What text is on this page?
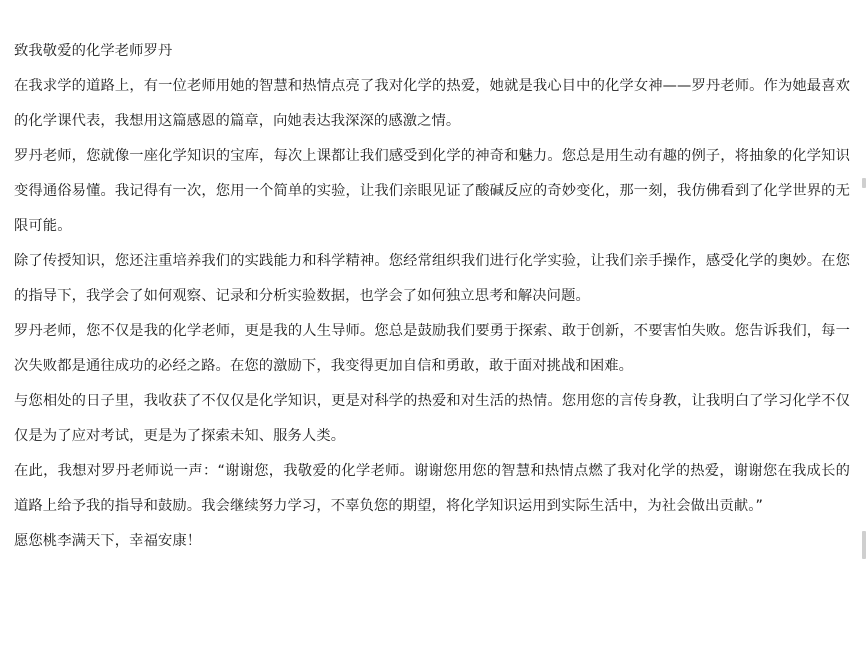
致我敬爱的化学老师罗丹

在我求学的道路上，有一位老师用她的智慧和热情点亮了我对化学的热爱，她就是我心目中的化学女神——罗丹老师。作为她最喜欢的化学课代表，我想用这篇感恩的篇章，向她表达我深深的感激之情。

罗丹老师，您就像一座化学知识的宝库，每次上课都让我们感受到化学的神奇和魅力。您总是用生动有趣的例子，将抽象的化学知识变得通俗易懂。我记得有一次，您用一个简单的实验，让我们亲眼见证了酸碱反应的奇妙变化，那一刻，我仿佛看到了化学世界的无限可能。

除了传授知识，您还注重培养我们的实践能力和科学精神。您经常组织我们进行化学实验，让我们亲手操作，感受化学的奥妙。在您的指导下，我学会了如何观察、记录和分析实验数据，也学会了如何独立思考和解决问题。

罗丹老师，您不仅是我的化学老师，更是我的人生导师。您总是鼓励我们要勇于探索、敢于创新，不要害怕失败。您告诉我们，每一次失败都是通往成功的必经之路。在您的激励下，我变得更加自信和勇敢，敢于面对挑战和困难。

与您相处的日子里，我收获了不仅仅是化学知识，更是对科学的热爱和对生活的热情。您用您的言传身教，让我明白了学习化学不仅仅是为了应对考试，更是为了探索未知、服务人类。

在此，我想对罗丹老师说一声：“谢谢您，我敬爱的化学老师。谢谢您用您的智慧和热情点燃了我对化学的热爱，谢谢您在我成长的道路上给予我的指导和鼓励。我会继续努力学习，不辜负您的期望，将化学知识运用到实际生活中，为社会做出贡献。”

愿您桃李满天下，幸福安康！
